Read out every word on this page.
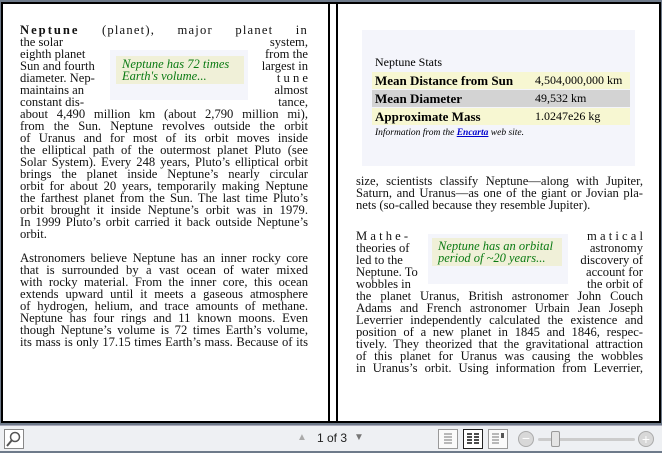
Neptune (planet), major planet in
the solar	system,
eighth planet	from the
Sun and fourth	largest in
diameter. Nep-	t u n e
maintains an	almost
constant dis-	tance,
about 4,490 million km (about 2,790 million mi),
from the Sun. Neptune revolves outside the orbit
of Uranus and for most of its orbit moves inside
the elliptical path of the outermost planet Pluto (see
Solar System). Every 248 years, Pluto’s elliptical orbit
brings the planet inside Neptune’s nearly circular
orbit for about 20 years, temporarily making Neptune
the farthest planet from the Sun. The last time Pluto’s
orbit brought it inside Neptune’s orbit was in 1979.
In 1999 Pluto’s orbit carried it back outside Neptune’s
orbit.
Astronomers believe Neptune has an inner rocky core
that is surrounded by a vast ocean of water mixed
with rocky material. From the inner core, this ocean
extends upward until it meets a gaseous atmosphere
of hydrogen, helium, and trace amounts of methane.
Neptune has four rings and 11 known moons. Even
though Neptune’s volume is 72 times Earth’s volume,
its mass is only 17.15 times Earth’s mass. Because of its
Neptune has 72 times Earth's volume...
Neptune Stats
Mean Distance from Sun 4,504,000,000 km
Mean Diameter	49,532 km
Approximate Mass	1.0247e26 kg
Information from the Encarta web site.
size, scientists classify Neptune—along with Jupiter,
Saturn, and Uranus—as one of the giant or Jovian pla-
nets (so-called because they resemble Jupiter).
M a t h e -	m a t i c a l
theories of	astronomy
led to the	discovery of
Neptune. To	account for
wobbles in	the orbit of
the planet Uranus, British astronomer John Couch
Adams and French astronomer Urbain Jean Joseph
Leverrier independently calculated the existence and
position of a new planet in 1845 and 1846, respec-
tively. They theorized that the gravitational attraction
of this planet for Uranus was causing the wobbles
in Uranus’s orbit. Using information from Leverrier,
Neptune has an orbital period of ~20 years...
▲ 1 of 3 ▼	−	+
